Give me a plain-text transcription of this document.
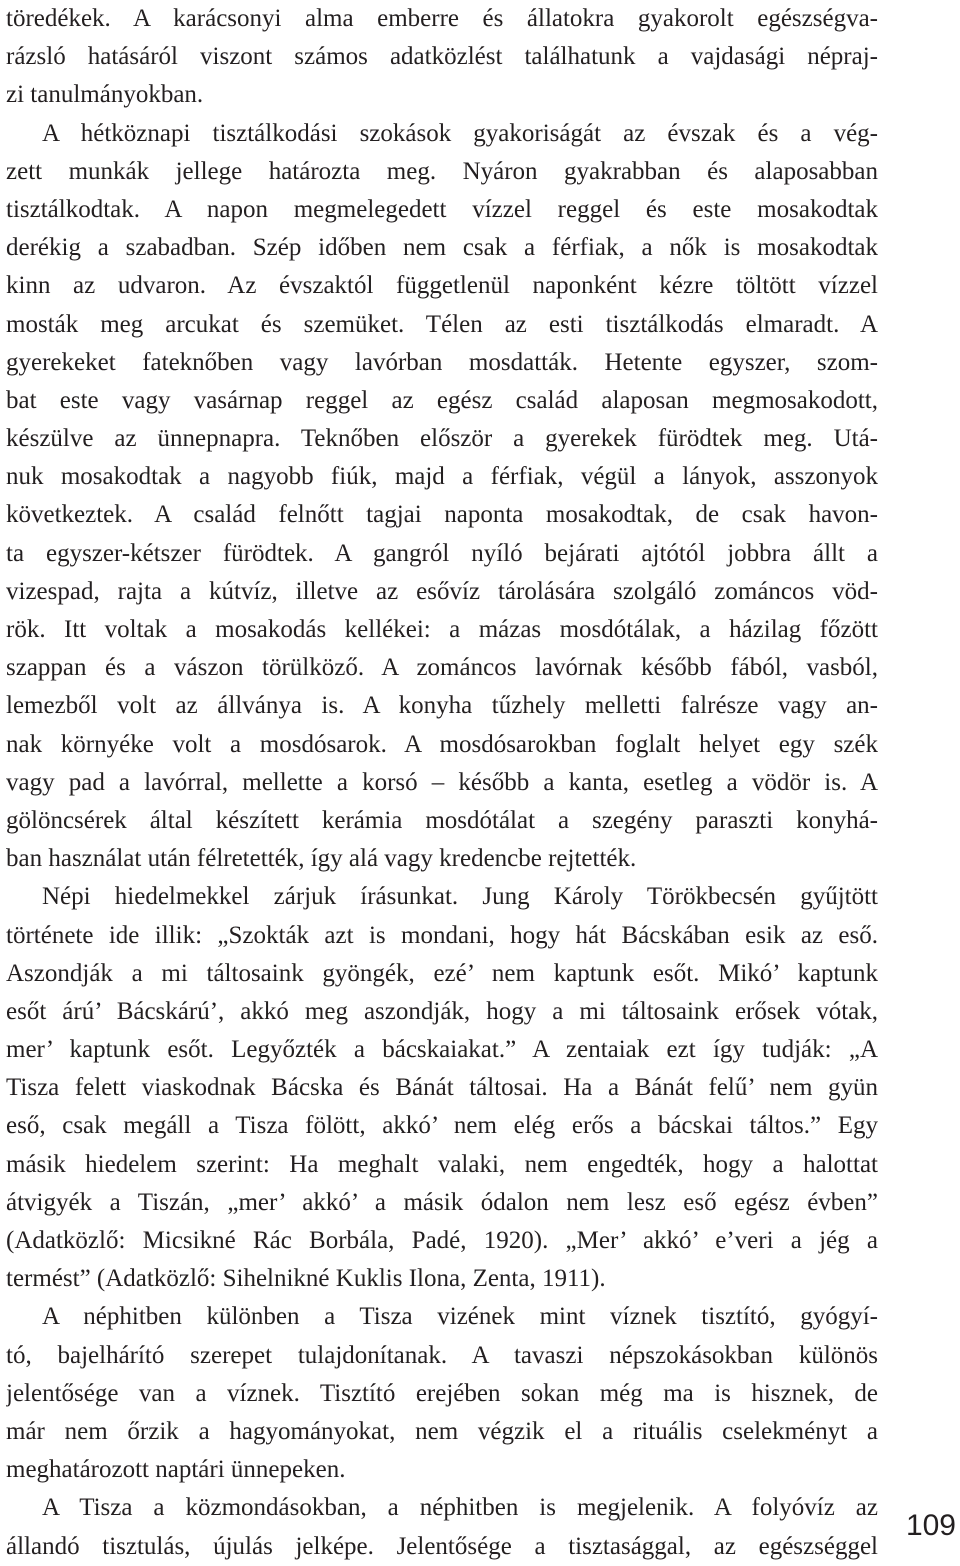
töredékek. A karácsonyi alma emberre és állatokra gyakorolt egészségva-
rázsló hatásáról viszont számos adatközlést találhatunk a vajdasági népraj-
zi tanulmányokban.
A hétköznapi tisztálkodási szokások gyakoriságát az évszak és a vég-
zett munkák jellege határozta meg. Nyáron gyakrabban és alaposabban
tisztálkodtak. A napon megmelegedett vízzel reggel és este mosakodtak
derékig a szabadban. Szép időben nem csak a férfiak, a nők is mosakodtak
kinn az udvaron. Az évszaktól függetlenül naponként kézre töltött vízzel
mosták meg arcukat és szemüket. Télen az esti tisztálkodás elmaradt. A
gyerekeket fateknőben vagy lavórban mosdatták. Hetente egyszer, szom-
bat este vagy vasárnap reggel az egész család alaposan megmosakodott,
készülve az ünnepnapra. Teknőben először a gyerekek fürödtek meg. Utá-
nuk mosakodtak a nagyobb fiúk, majd a férfiak, végül a lányok, asszonyok
következtek. A család felnőtt tagjai naponta mosakodtak, de csak havon-
ta egyszer-kétszer fürödtek. A gangról nyíló bejárati ajtótól jobbra állt a
vizespad, rajta a kútvíz, illetve az esővíz tárolására szolgáló zománcos vöd-
rök. Itt voltak a mosakodás kellékei: a mázas mosdótálak, a házilag főzött
szappan és a vászon törülköző. A zománcos lavórnak később fából, vasból,
lemezből volt az állványa is. A konyha tűzhely melletti falrésze vagy an-
nak környéke volt a mosdósarok. A mosdósarokban foglalt helyet egy szék
vagy pad a lavórral, mellette a korsó – később a kanta, esetleg a vödör is. A
gölöncsérek által készített kerámia mosdótálat a szegény paraszti konyhá-
ban használat után félretették, így alá vagy kredencbe rejtették.
Népi hiedelmekkel zárjuk írásunkat. Jung Károly Törökbecsén gyűjtött
története ide illik: „Szokták azt is mondani, hogy hát Bácskában esik az eső.
Aszondják a mi táltosaink gyöngék, ezé’ nem kaptunk esőt. Mikó’ kaptunk
esőt árú’ Bácskárú’, akkó meg aszondják, hogy a mi táltosaink erősek vótak,
mer’ kaptunk esőt. Legyőzték a bácskaiakat.” A zentaiak ezt így tudják: „A
Tisza felett viaskodnak Bácska és Bánát táltosai. Ha a Bánát felű’ nem gyün
eső, csak megáll a Tisza fölött, akkó’ nem elég erős a bácskai táltos.” Egy
másik hiedelem szerint: Ha meghalt valaki, nem engedték, hogy a halottat
átvigyék a Tiszán, „mer’ akkó’ a másik ódalon nem lesz eső egész évben”
(Adatközlő: Micsikné Rác Borbála, Padé, 1920). „Mer’ akkó’ e’veri a jég a
termést” (Adatközlő: Sihelnikné Kuklis Ilona, Zenta, 1911).
A néphitben különben a Tisza vizének mint víznek tisztító, gyógyí-
tó, bajelhárító szerepet tulajdonítanak. A tavaszi népszokásokban különös
jelentősége van a víznek. Tisztító erejében sokan még ma is hisznek, de
már nem őrzik a hagyományokat, nem végzik el a rituális cselekményt a
meghatározott naptári ünnepeken.
A Tisza a közmondásokban, a néphitben is megjelenik. A folyóvíz az
állandó tisztulás, újulás jelképe. Jelentősége a tisztasággal, az egészséggel
109
